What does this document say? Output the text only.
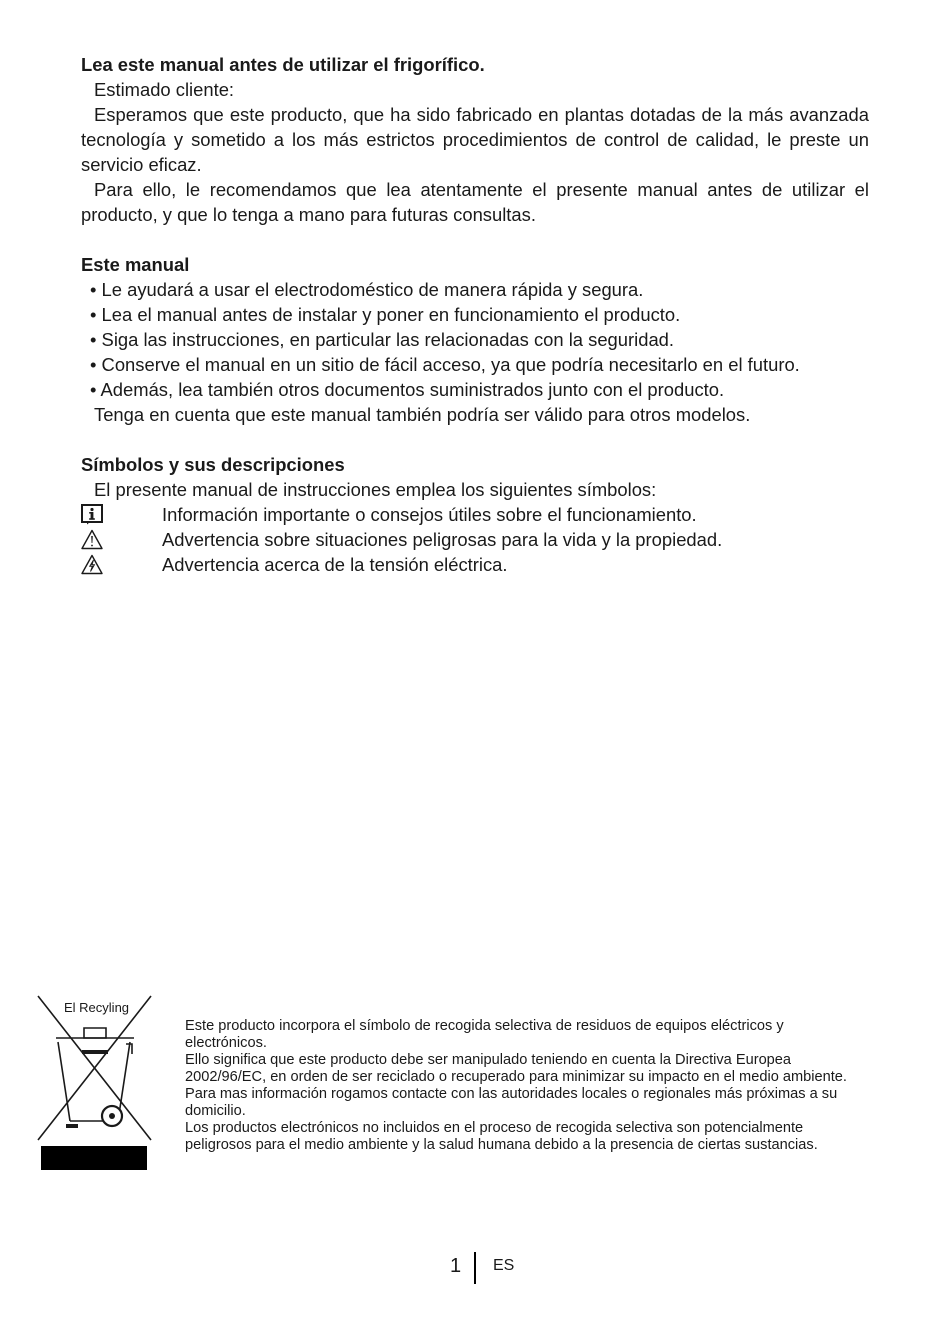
Lea este manual antes de utilizar el frigorífico.

Estimado cliente:

Esperamos que este producto, que ha sido fabricado en plantas dotadas de la más avanzada tecnología y sometido a los más estrictos procedimientos de control de calidad, le preste un servicio eficaz.

Para ello, le recomendamos que lea atentamente el presente manual antes de utilizar el producto, y que lo tenga a mano para futuras consultas.

Este manual

• Le ayudará a usar el electrodoméstico de manera rápida y segura.

• Lea el manual antes de instalar y poner en funcionamiento el producto.

• Siga las instrucciones, en particular las relacionadas con la seguridad.

• Conserve el manual en un sitio de fácil acceso, ya que podría necesitarlo en el futuro.

• Además, lea también otros documentos suministrados junto con el producto.

Tenga en cuenta que este manual también podría ser válido para otros modelos.

Símbolos y sus descripciones

El presente manual de instrucciones emplea los siguientes símbolos:

Información importante o consejos útiles sobre el funcionamiento.
Advertencia sobre situaciones peligrosas para la vida y la propiedad.
Advertencia acerca de la tensión eléctrica.
El Recyling

Este producto incorpora el símbolo de recogida selectiva de residuos de equipos eléctricos y electrónicos.

Ello significa que este producto debe ser manipulado teniendo en cuenta la Directiva Europea 2002/96/EC, en orden de ser reciclado o recuperado para minimizar su impacto en el medio ambiente. Para mas información rogamos contacte con las autoridades locales o regionales más próximas a su domicilio.

Los productos electrónicos no incluidos en el proceso de recogida selectiva son potencialmente peligrosos para el medio ambiente y la salud humana debido a la presencia de ciertas sustancias.

1 ES
